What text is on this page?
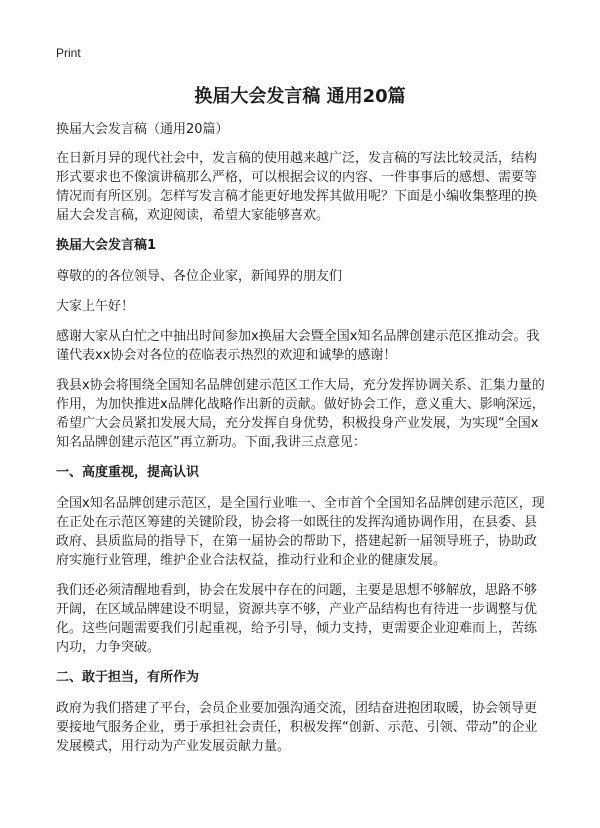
Print
换届大会发言稿 通用20篇

换届大会发言稿（通用20篇）

在日新月异的现代社会中，发言稿的使用越来越广泛，发言稿的写法比较灵活，结构形式要求也不像演讲稿那么严格，可以根据会议的内容、一件事事后的感想、需要等情况而有所区别。怎样写发言稿才能更好地发挥其做用呢？下面是小编收集整理的换届大会发言稿，欢迎阅读，希望大家能够喜欢。

换届大会发言稿1

尊敬的的各位领导、各位企业家，新闻界的朋友们

大家上午好！

感谢大家从白忙之中抽出时间参加x换届大会暨全国x知名品牌创建示范区推动会。我谨代表xx协会对各位的莅临表示热烈的欢迎和诚挚的感谢！

我县x协会将围绕全国知名品牌创建示范区工作大局，充分发挥协调关系、汇集力量的作用，为加快推进x品牌化战略作出新的贡献。做好协会工作，意义重大、影响深远，希望广大会员紧扣发展大局，充分发挥自身优势，积极投身产业发展，为实现“全国x知名品牌创建示范区”再立新功。下面,我讲三点意见：

一、高度重视，提高认识

全国x知名品牌创建示范区，是全国行业唯一、全市首个全国知名品牌创建示范区，现在正处在示范区筹建的关键阶段，协会将一如既往的发挥沟通协调作用，在县委、县政府、县质监局的指导下，在第一届协会的帮助下，搭建起新一届领导班子，协助政府实施行业管理，维护企业合法权益，推动行业和企业的健康发展。

我们还必须清醒地看到，协会在发展中存在的问题，主要是思想不够解放，思路不够开阔，在区域品牌建设不明显，资源共享不够，产业产品结构也有待进一步调整与优化。这些问题需要我们引起重视，给予引导，倾力支持，更需要企业迎难而上，苦练内功，力争突破。

二、敢于担当，有所作为

政府为我们搭建了平台，会员企业要加强沟通交流，团结奋进抱团取暖，协会领导更要接地气服务企业，勇于承担社会责任，积极发挥“创新、示范、引领、带动”的企业发展模式，用行动为产业发展贡献力量。
